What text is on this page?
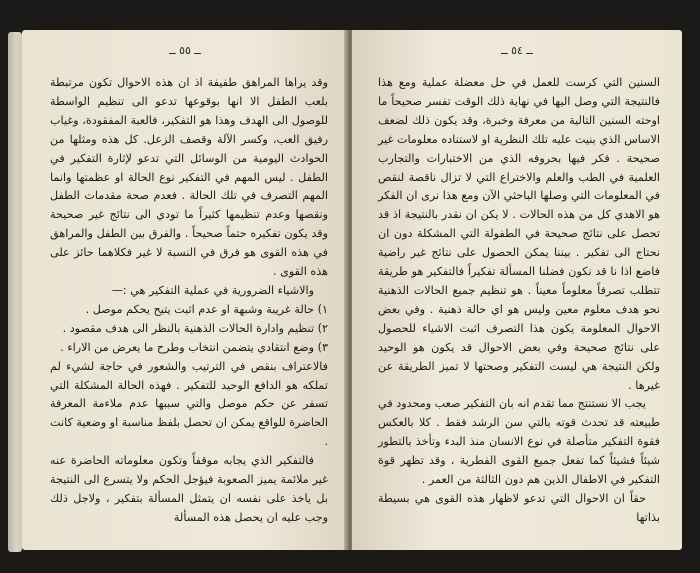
ــ ٥٥ ــ

وقد يراها المراهق طفيفة اذ ان هذه الاحوال تكون مرتبطة بلعب الطفل الا انها بوقوعها تدعو الى تنظيم الواسطة للوصول الى الهدف وهذا هو التفكير، فالعبة المفقودة، وغياب رفيق العب، وكسر الآلة وقصف الزعل. كل هذه ومثلها من الحوادث اليومية من الوسائل التي تدعو لإثارة التفكير في الطفل . ليس المهم في التفكير نوع الحالة او عظمتها وانما المهم التصرف في تلك الحالة . فعدم صحة مقدمات الطفل ونقصها وعدم تنظيمها كثيراً ما تودي الى نتائج غير صحيحة وقد يكون تفكيره حتماً صحيحاً . والفرق بين الطفل والمراهق في هذه القوى هو فرق في النسبة لا غير فكلاهما حائز على هذه القوى .

والاشياء الضرورية في عملية التفكير هي :—

١) حالة غريبة وشبهة او عدم اثبت يتيح يحكم موصل .
٢) تنظيم وادارة الحالات الذهنية بالنظر الى هدف مقصود .
٣) وضع انتقادي يتضمن انتخاب وطرح ما يعرض من الاراء .

فالاعتراف بنقص في الترتيب والشعور في حاجة لشيء لم تملكه هو الدافع الوحيد للتفكير . فهذه الحالة المشكلة التي تسفر عن حكم موصل والتي سببها عدم ملاءمة المعرفة الحاضرة للواقع يمكن ان تحصل بلفظ مناسبة او وضعية كانت .

فالتفكير الذي يجابه موقفاً وتكون معلوماته الحاضرة عنه غير ملائمة يميز الصعوبة فيؤجل الحكم ولا يتسرع الى النتيجة بل ياخذ على نفسه ان يتمثل المسألة بتفكير ، ولاجل ذلك وجب عليه ان يحصل هذه المسألة

ــ ٥٤ ــ

السنين التي كرست للعمل في حل معضلة عملية ومع هذا فالنتيجة التي وصل اليها في نهاية ذلك الوقت تفسر صحيحاً ما اوحته السنين التالية من معرفة وخبرة، وقد يكون ذلك لضعف الاساس الذي بنيت عليه تلك النظرية او لاستناده معلومات غير صحيحة . فكر فيها بحروفه الذي من الاختبارات والتجارب العلمية في الطب والعلم والاختراع التي لا تزال ناقصة لنقص في المعلومات التي وصلها الباحثي الآن ومع هذا نرى ان الفكر هو الاهدي كل من هذه الحالات . لا يكن ان نقدر بالنتيجة اذ قد تحصل على نتائج صحيحة في الطفولة التي المشكلة دون ان نحتاج الى تفكير . بيننا يمكن الحصول على نتائج غير راضية فاضع اذا نا قد نكون فضلنا المسألة تفكيراً فالتفكير هو طريقة تتطلب تصرفاً معلوماً معيناً . هو تنظيم جميع الحالات الذهنية نحو هدف معلوم معين وليس هو اي حالة ذهنية . وفي بعض الاحوال المعلومة يكون هذا التصرف اثبت الاشياء للحصول على نتائج صحيحة وفي بعض الاحوال قد يكون هو الوحيد ولكن النتيجة هي ليست التفكير وصحتها لا تميز الطريقة عن غيرها .

يجب الا نستنتج مما تقدم انه بان التفكير صعب ومحدود في طبيعته قد تحدث قوته بالتي سن الرشد فقط . كلا بالعكس فقوة التفكير متأصلة في نوع الانسان منذ البدء وتأخذ بالتطور شيئاً فشيئاً كما تفعل جميع القوى الفطرية ، وقد تظهر قوة التفكير في الاطفال الذين هم دون الثالثة من العمر .

حقاً ان الاحوال التي تدعو لاظهار هذه القوى هي بسيطة بذاتها
